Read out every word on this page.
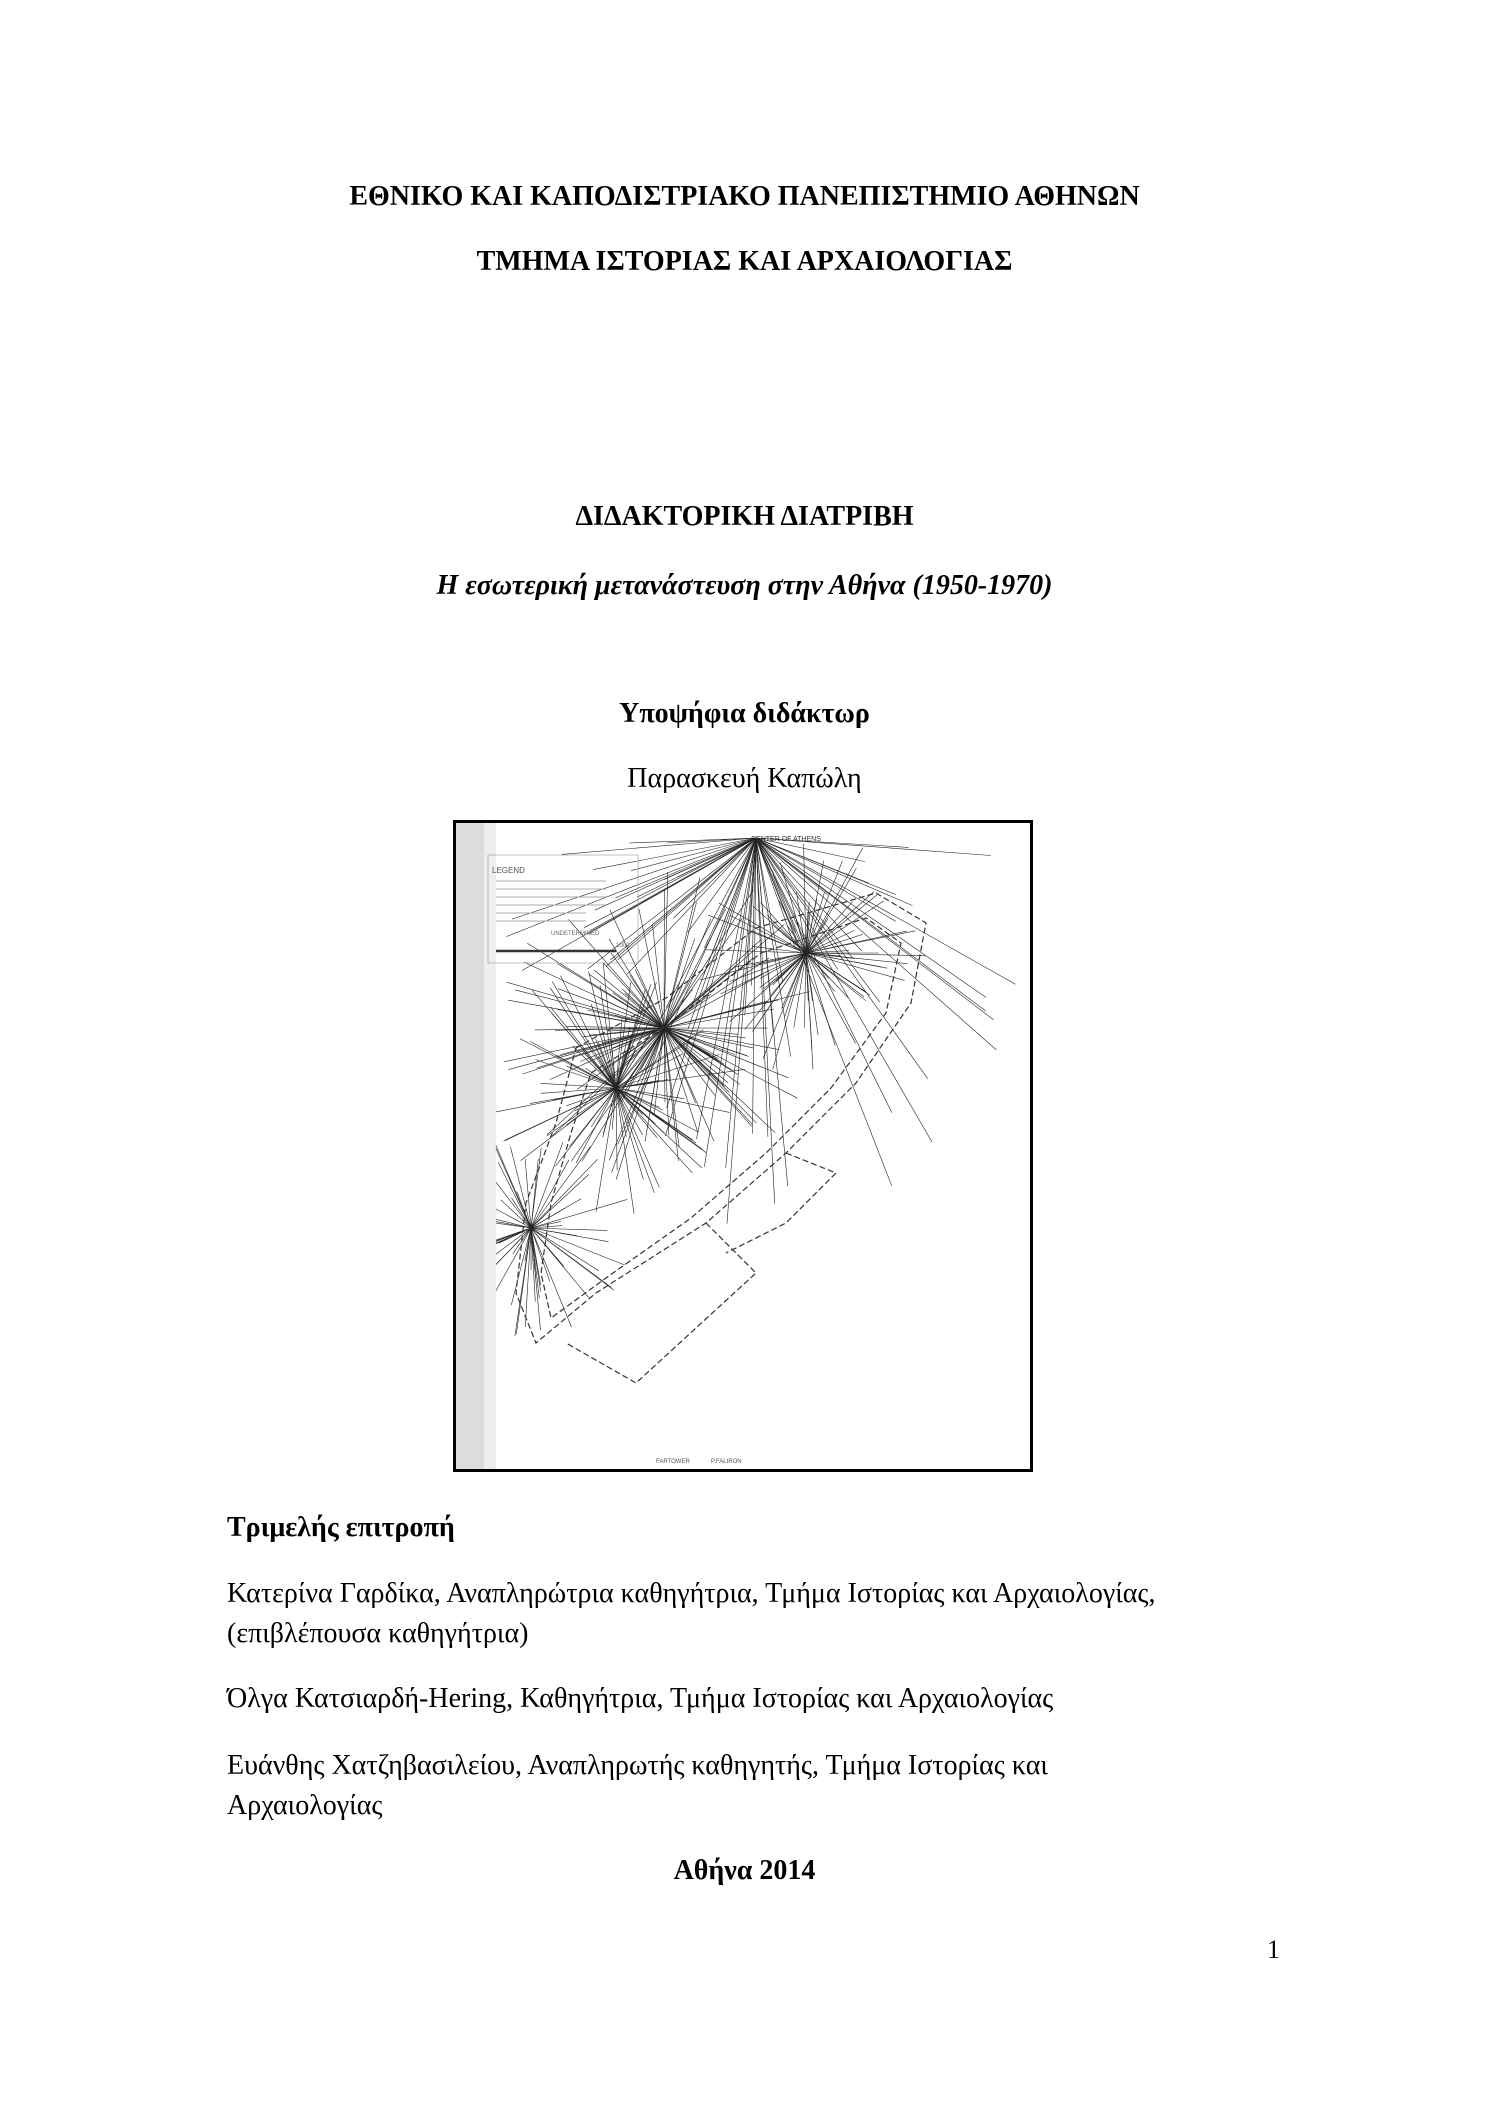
ΕΘΝΙΚΟ ΚΑΙ ΚΑΠΟΔΙΣΤΡΙΑΚΟ ΠΑΝΕΠΙΣΤΗΜΙΟ ΑΘΗΝΩΝ
ΤΜΗΜΑ ΙΣΤΟΡΙΑΣ ΚΑΙ ΑΡΧΑΙΟΛΟΓΙΑΣ
ΔΙΔΑΚΤΟΡΙΚΗ ΔΙΑΤΡΙΒΗ
Η εσωτερική μετανάστευση στην Αθήνα (1950-1970)
Υποψήφια διδάκτωρ
Παρασκευή Καπώλη
LEGEND
UNDETERMINED
1000
CENTER OF ATHENS
FARTOWER	P.FALIRON
Τριμελής επιτροπή
Κατερίνα Γαρδίκα, Αναπληρώτρια καθηγήτρια, Τμήμα Ιστορίας και Αρχαιολογίας,
(επιβλέπουσα καθηγήτρια)
Όλγα Κατσιαρδή-Hering, Καθηγήτρια, Τμήμα Ιστορίας και Αρχαιολογίας
Ευάνθης Χατζηβασιλείου, Αναπληρωτής καθηγητής, Τμήμα Ιστορίας και
Αρχαιολογίας
Αθήνα 2014
1
